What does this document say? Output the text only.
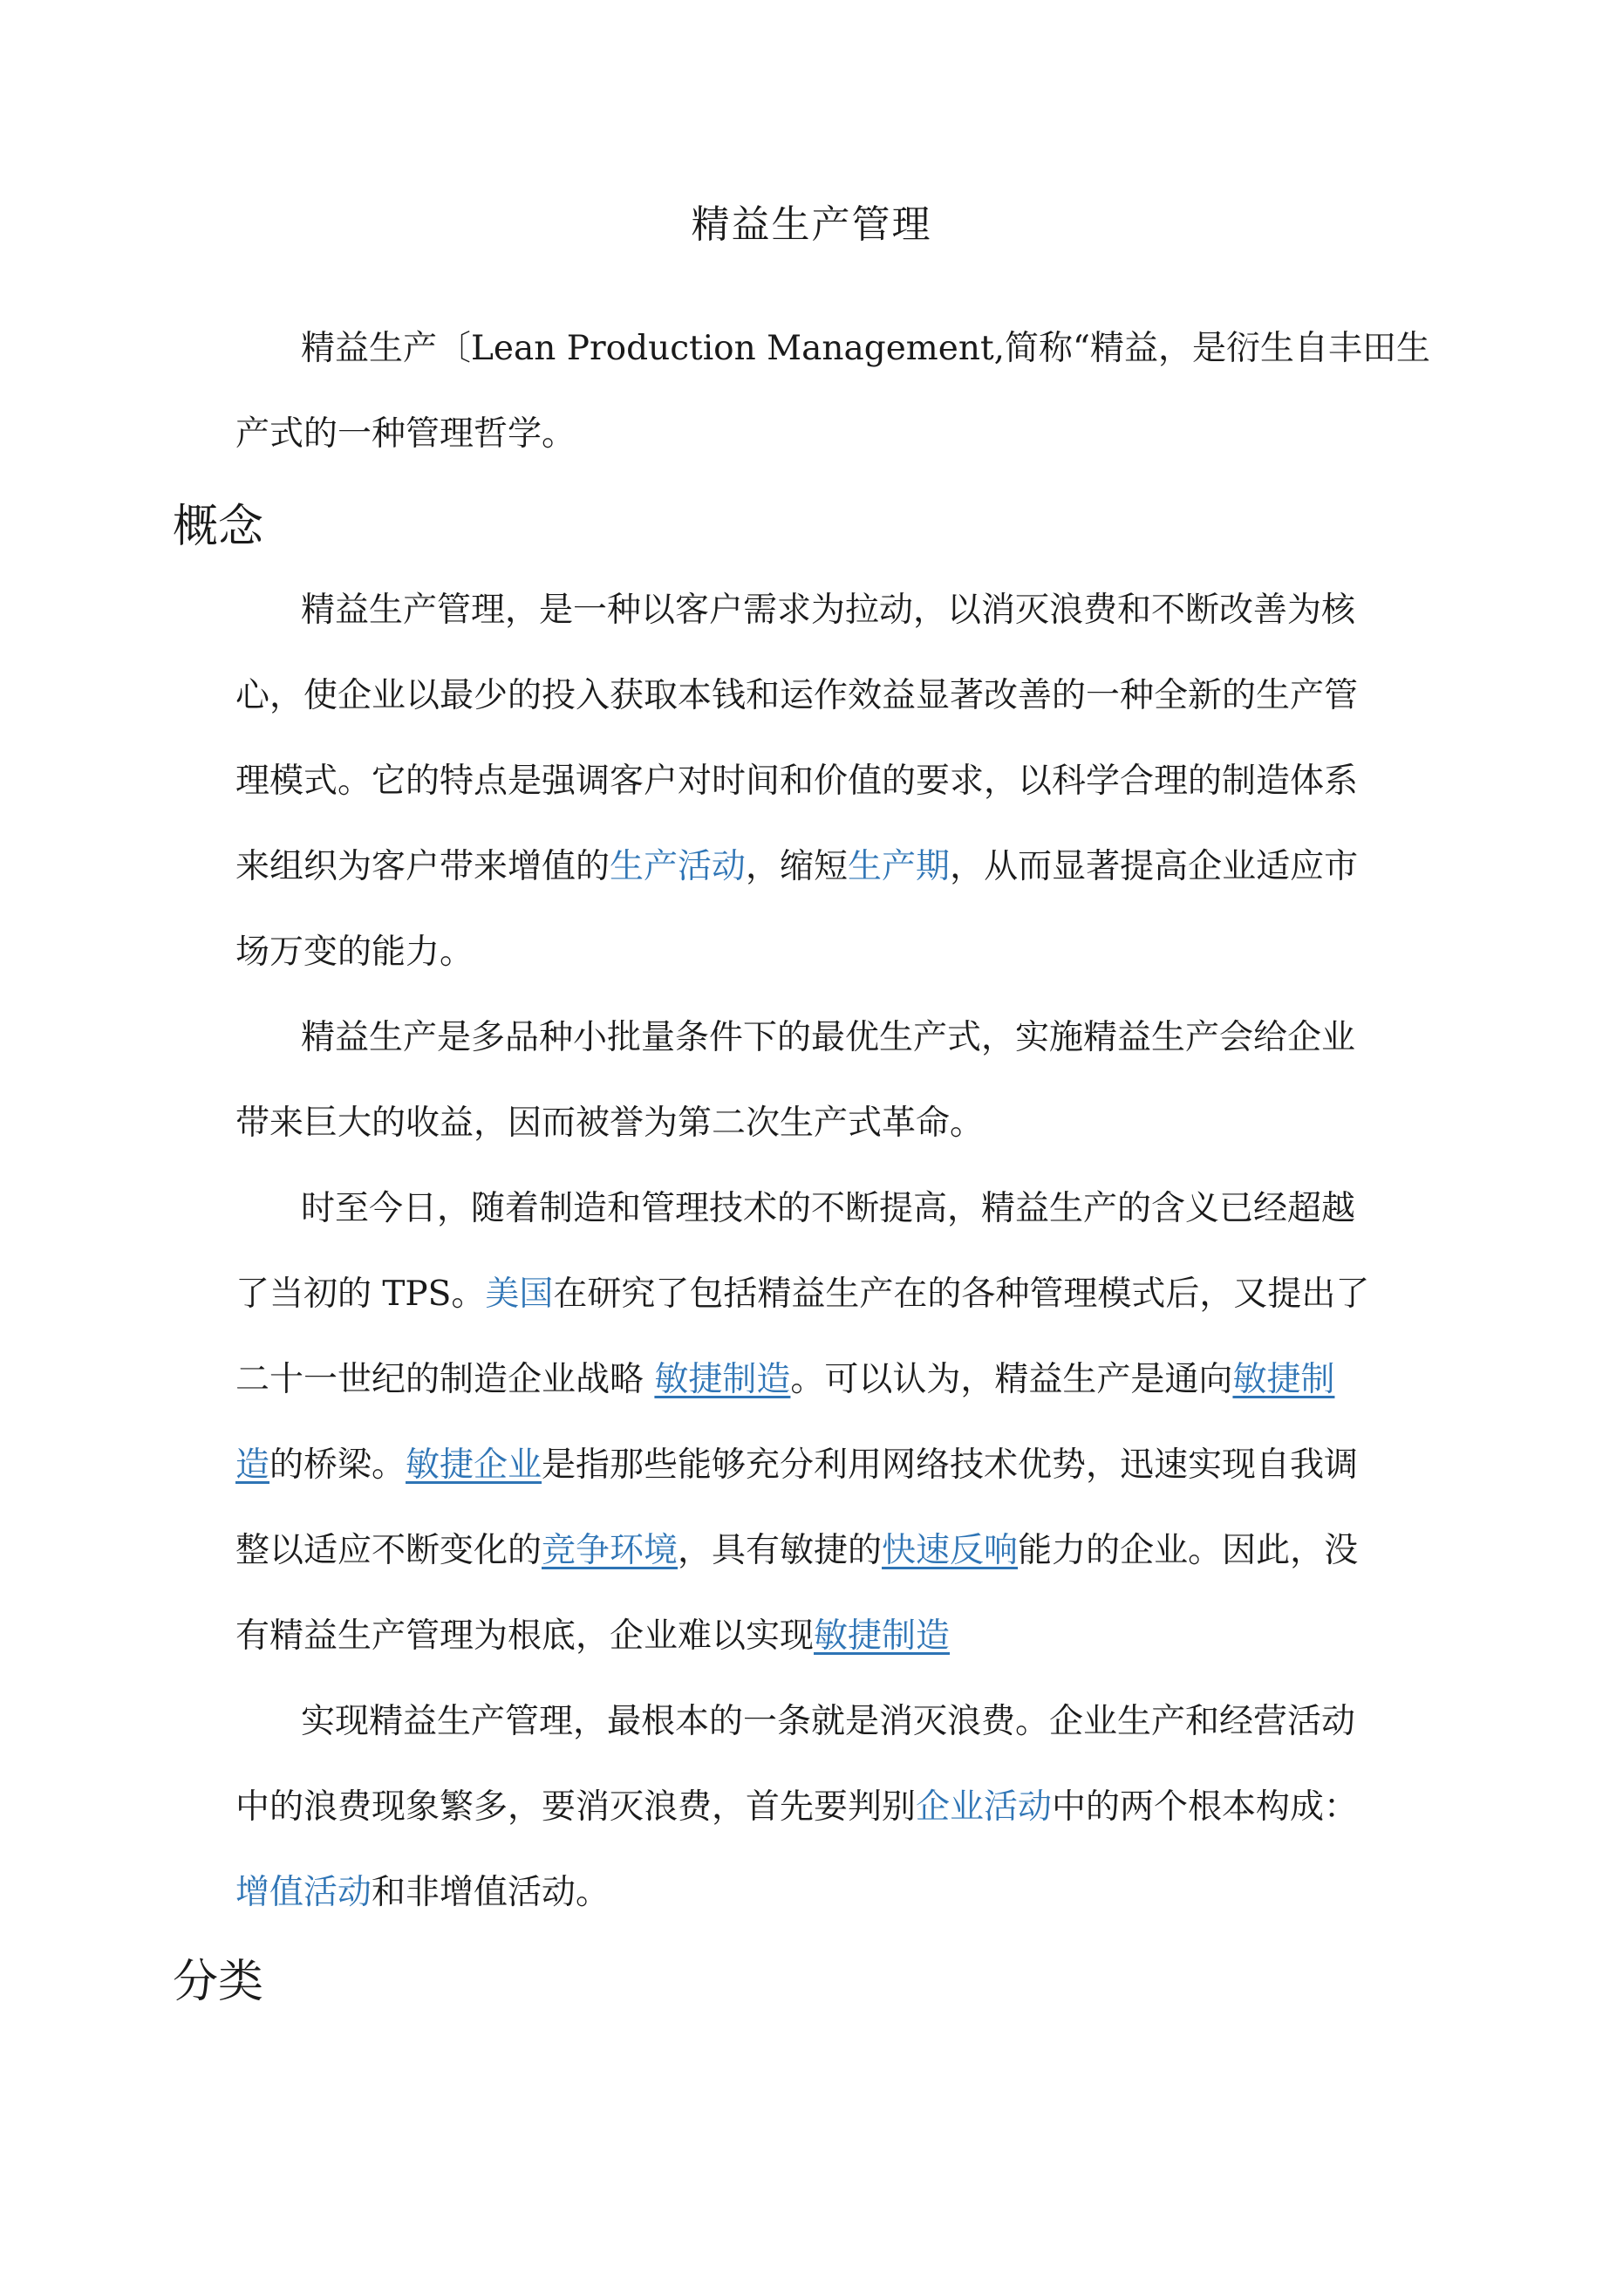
精益生产管理
精益生产〔Lean Production Management,简称“精益，是衍生自丰田生
产式的一种管理哲学。
概念
精益生产管理，是一种以客户需求为拉动，以消灭浪费和不断改善为核
心，使企业以最少的投入获取本钱和运作效益显著改善的一种全新的生产管
理模式。它的特点是强调客户对时间和价值的要求，以科学合理的制造体系
来组织为客户带来增值的生产活动，缩短生产期，从而显著提高企业适应市
场万变的能力。
精益生产是多品种小批量条件下的最优生产式，实施精益生产会给企业
带来巨大的收益，因而被誉为第二次生产式革命。
时至今日，随着制造和管理技术的不断提高，精益生产的含义已经超越
了当初的 TPS。美国在研究了包括精益生产在的各种管理模式后，又提出了
二十一世纪的制造企业战略 敏捷制造。可以认为，精益生产是通向敏捷制
造的桥梁。敏捷企业是指那些能够充分利用网络技术优势，迅速实现自我调
整以适应不断变化的竞争环境，具有敏捷的快速反响能力的企业。因此，没
有精益生产管理为根底，企业难以实现敏捷制造
实现精益生产管理，最根本的一条就是消灭浪费。企业生产和经营活动
中的浪费现象繁多，要消灭浪费，首先要判别企业活动中的两个根本构成：
增值活动和非增值活动。
分类
